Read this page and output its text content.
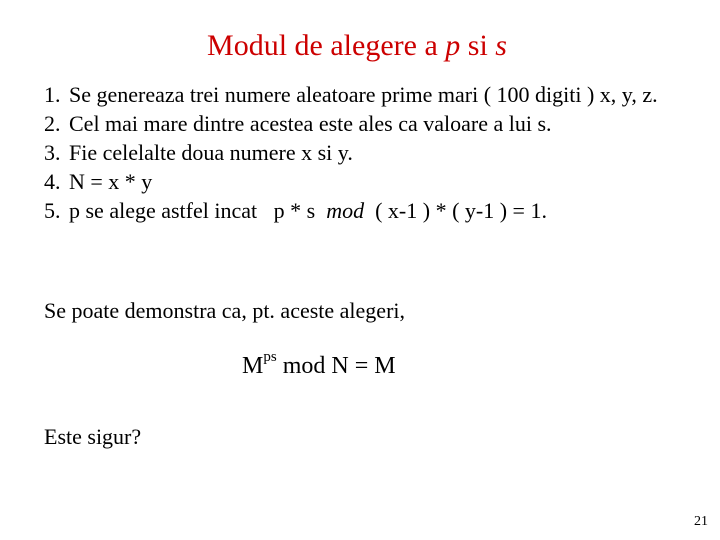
Modul de alegere a p si s
1. Se genereaza trei numere aleatoare prime mari ( 100 digiti ) x, y, z.
2. Cel mai mare dintre acestea este ales ca valoare a lui s.
3. Fie celelalte doua numere x si y.
4. N = x * y
5. p se alege astfel incat   p * s  mod  ( x-1 ) * ( y-1 ) = 1.

Se poate demonstra ca, pt. aceste alegeri,

$M^{ps}$ mod N = M

Este sigur?

21
